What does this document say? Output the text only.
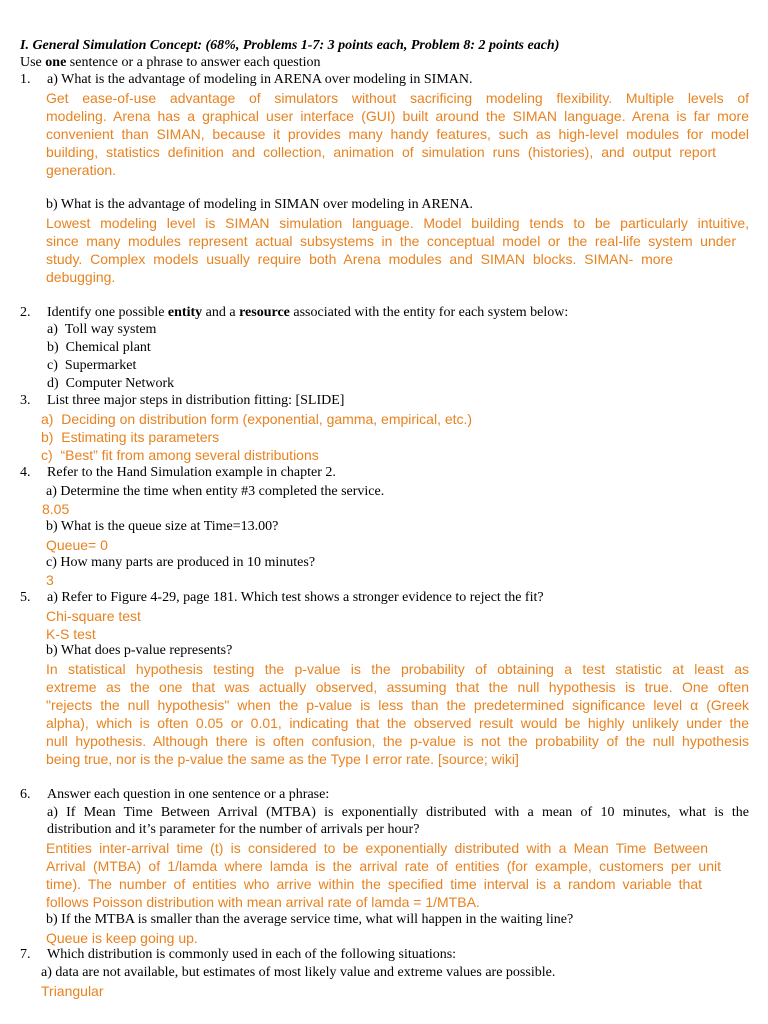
I. General Simulation Concept: (68%, Problems 1-7: 3 points each, Problem 8: 2 points each)
Use one sentence or a phrase to answer each question
1. a) What is the advantage of modeling in ARENA over modeling in SIMAN.
Get ease-of-use advantage of simulators without sacrificing modeling flexibility. Multiple levels of
modeling. Arena has a graphical user interface (GUI) built around the SIMAN language. Arena is far more
convenient than SIMAN, because it provides many handy features, such as high-level modules for model
building, statistics definition and collection, animation of simulation runs (histories), and output report
generation.
b) What is the advantage of modeling in SIMAN over modeling in ARENA.
Lowest modeling level is SIMAN simulation language. Model building tends to be particularly intuitive,
since many modules represent actual subsystems in the conceptual model or the real-life system under
study. Complex models usually require both Arena modules and SIMAN blocks. SIMAN- more
debugging.
2. Identify one possible entity and a resource associated with the entity for each system below:
a)  Toll way system
b)  Chemical plant
c)  Supermarket
d)  Computer Network
3. List three major steps in distribution fitting: [SLIDE]
a)  Deciding on distribution form (exponential, gamma, empirical, etc.)
b)  Estimating its parameters
c)  “Best” fit from among several distributions
4. Refer to the Hand Simulation example in chapter 2.
a) Determine the time when entity #3 completed the service.
8.05
b) What is the queue size at Time=13.00?
Queue= 0
c) How many parts are produced in 10 minutes?
3
5. a) Refer to Figure 4-29, page 181. Which test shows a stronger evidence to reject the fit?
Chi-square test
K-S test
b) What does p-value represents?
In statistical hypothesis testing the p-value is the probability of obtaining a test statistic at least as
extreme as the one that was actually observed, assuming that the null hypothesis is true. One often
"rejects the null hypothesis" when the p-value is less than the predetermined significance level α (Greek
alpha), which is often 0.05 or 0.01, indicating that the observed result would be highly unlikely under the
null hypothesis. Although there is often confusion, the p-value is not the probability of the null hypothesis
being true, nor is the p-value the same as the Type I error rate. [source; wiki]
6. Answer each question in one sentence or a phrase:
a) If Mean Time Between Arrival (MTBA) is exponentially distributed with a mean of 10 minutes, what is the
distribution and it’s parameter for the number of arrivals per hour?
Entities inter-arrival time (t) is considered to be exponentially distributed with a Mean Time Between
Arrival (MTBA) of 1/lamda where lamda is the arrival rate of entities (for example, customers per unit
time). The number of entities who arrive within the specified time interval is a random variable that
follows Poisson distribution with mean arrival rate of lamda = 1/MTBA.
b) If the MTBA is smaller than the average service time, what will happen in the waiting line?
Queue is keep going up.
7. Which distribution is commonly used in each of the following situations:
a) data are not available, but estimates of most likely value and extreme values are possible.
Triangular
